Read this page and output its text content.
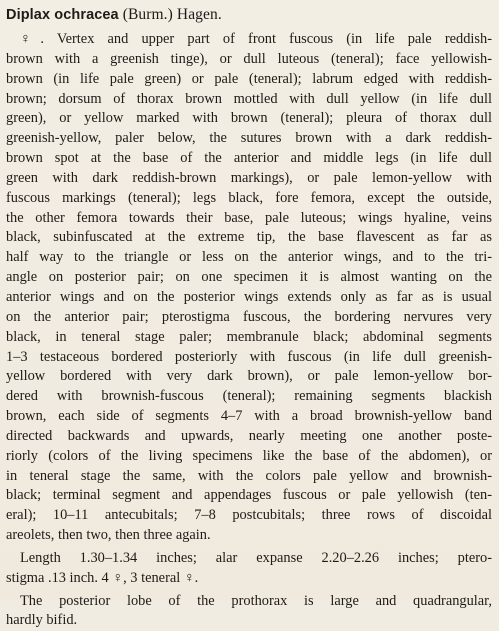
Diplax ochracea (Burm.) Hagen.
♀. Vertex and upper part of front fuscous (in life pale reddish-
brown with a greenish tinge), or dull luteous (teneral); face yellowish-
brown (in life pale green) or pale (teneral); labrum edged with reddish-
brown; dorsum of thorax brown mottled with dull yellow (in life dull
green), or yellow marked with brown (teneral); pleura of thorax dull
greenish-yellow, paler below, the sutures brown with a dark reddish-
brown spot at the base of the anterior and middle legs (in life dull
green with dark reddish-brown markings), or pale lemon-yellow with
fuscous markings (teneral); legs black, fore femora, except the outside,
the other femora towards their base, pale luteous; wings hyaline, veins
black, subinfuscated at the extreme tip, the base flavescent as far as
half way to the triangle or less on the anterior wings, and to the tri-
angle on posterior pair; on one specimen it is almost wanting on the
anterior wings and on the posterior wings extends only as far as is usual
on the anterior pair; pterostigma fuscous, the bordering nervures very
black, in teneral stage paler; membranule black; abdominal segments
1–3 testaceous bordered posteriorly with fuscous (in life dull greenish-
yellow bordered with very dark brown), or pale lemon-yellow bor-
dered with brownish-fuscous (teneral); remaining segments blackish
brown, each side of segments 4–7 with a broad brownish-yellow band
directed backwards and upwards, nearly meeting one another poste-
riorly (colors of the living specimens like the base of the abdomen), or
in teneral stage the same, with the colors pale yellow and brownish-
black; terminal segment and appendages fuscous or pale yellowish (ten-
eral); 10–11 antecubitals; 7–8 postcubitals; three rows of discoidal
areolets, then two, then three again.
Length 1.30–1.34 inches; alar expanse 2.20–2.26 inches; ptero-
stigma .13 inch. 4 ♀, 3 teneral ♀.
The posterior lobe of the prothorax is large and quadrangular,
hardly bifid.
